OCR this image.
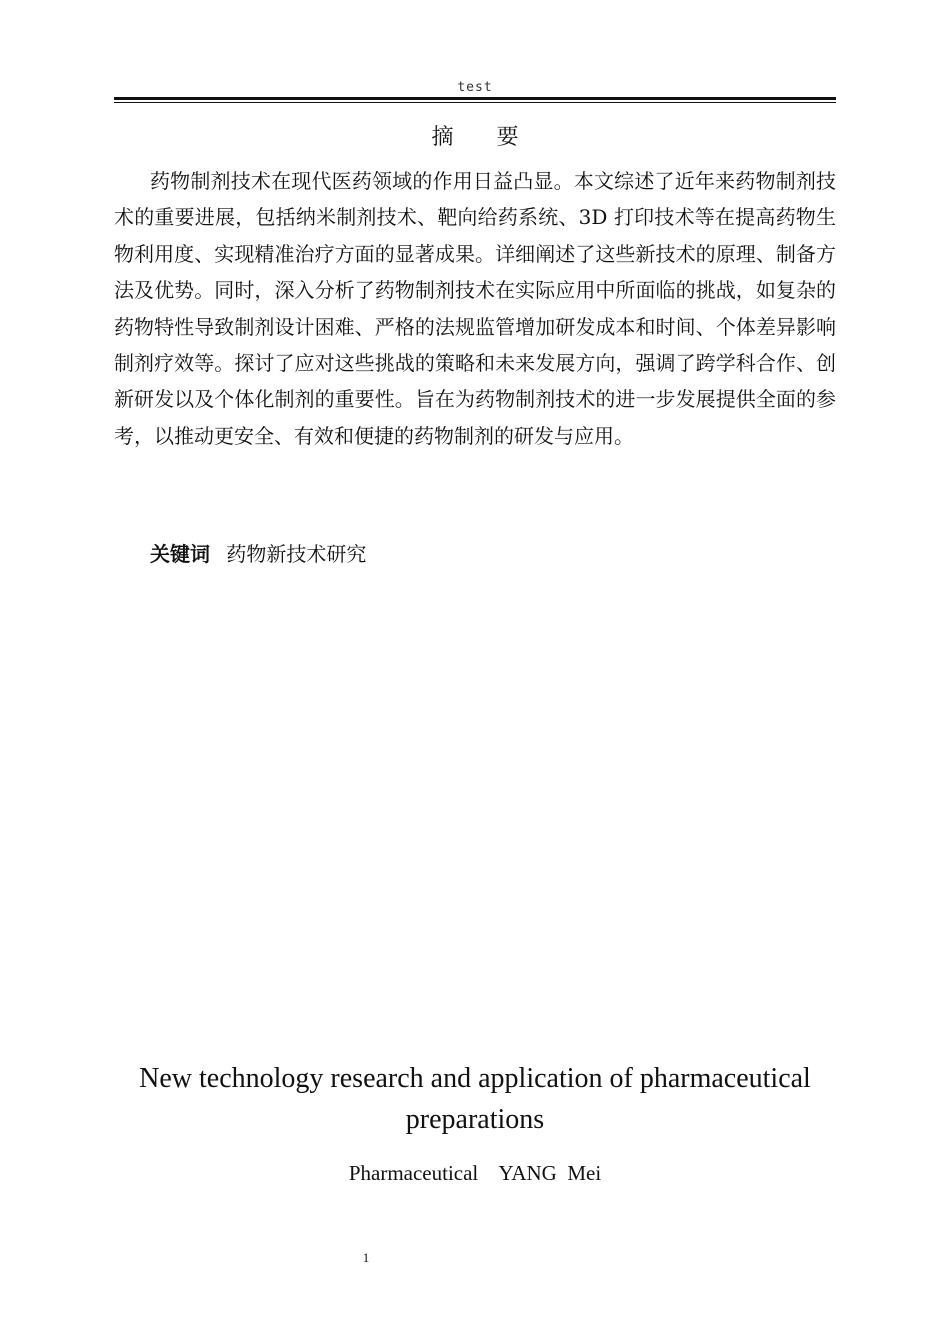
test
摘 要

药物制剂技术在现代医药领域的作用日益凸显。本文综述了近年来药物制剂技术的重要进展，包括纳米制剂技术、靶向给药系统、3D 打印技术等在提高药物生物利用度、实现精准治疗方面的显著成果。详细阐述了这些新技术的原理、制备方法及优势。同时，深入分析了药物制剂技术在实际应用中所面临的挑战，如复杂的药物特性导致制剂设计困难、严格的法规监管增加研发成本和时间、个体差异影响制剂疗效等。探讨了应对这些挑战的策略和未来发展方向，强调了跨学科合作、创新研发以及个体化制剂的重要性。旨在为药物制剂技术的进一步发展提供全面的参考，以推动更安全、有效和便捷的药物制剂的研发与应用。

关键词 药物新技术研究
New technology research and application of pharmaceutical preparations
Pharmaceutical YANG  Mei
1
